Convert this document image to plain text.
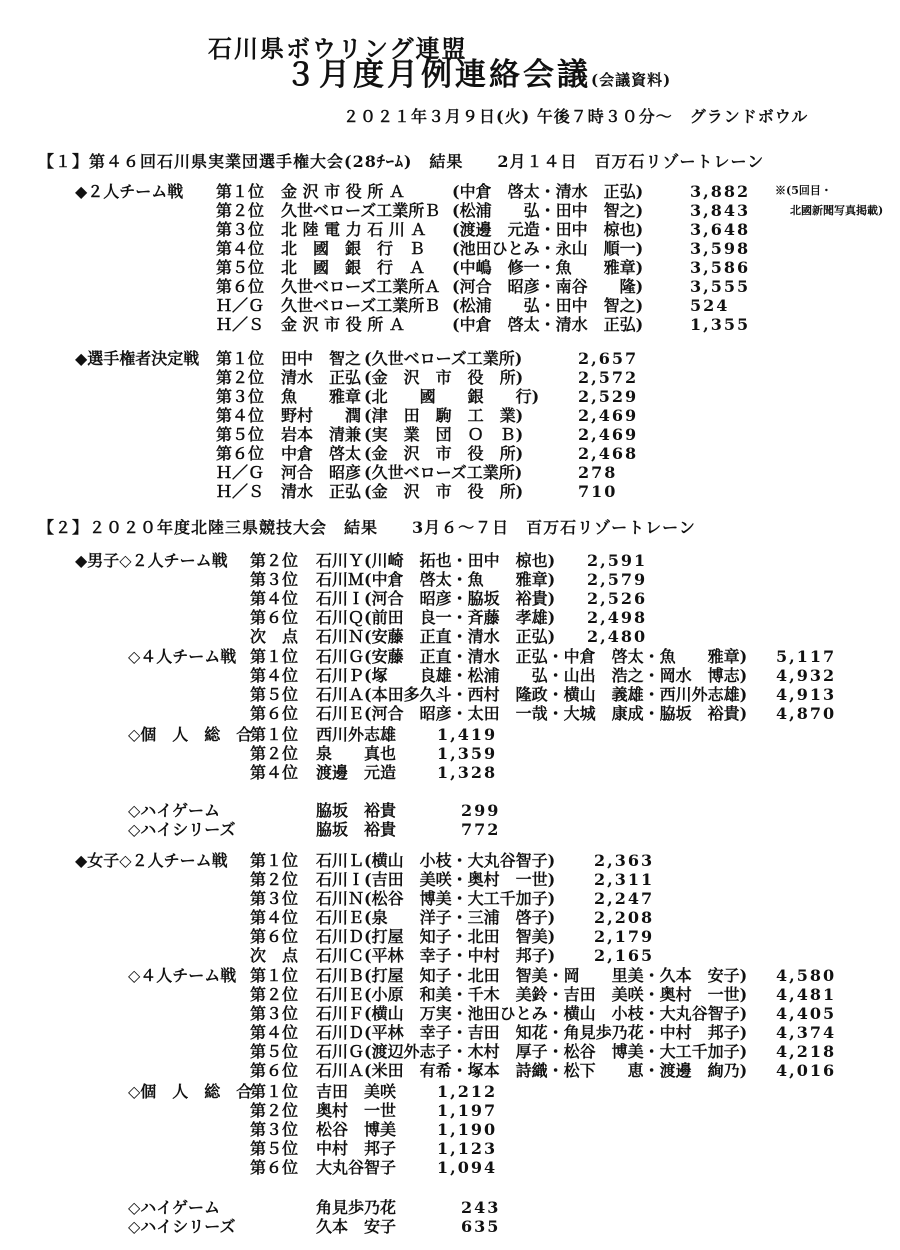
石川県ボウリング連盟
３月度月例連絡会議(会議資料)
２０２１年３月９日(火) 午後７時３０分〜　グランドボウル
【１】第４６回石川県実業団選手権大会(28ﾁｰﾑ)　結果　　2月１４日　百万石リゾートレーン
◆２人チーム戦	※(5回目・
北國新聞写真掲載)
第１位 金 沢 市 役 所 Ａ	(中倉　啓太・清水　正弘)	3,882
第２位 久世ベローズ工業所Ｂ (松浦　　弘・田中　智之)	3,843
第３位 北 陸 電 力 石 川 Ａ (渡邊　元造・田中　椋也)	3,648
第４位 北　國　銀　行　Ｂ (池田ひとみ・永山　順一)	3,598
第５位 北　國　銀　行　Ａ (中嶋　修一・魚　　雅章)	3,586
第６位 久世ベローズ工業所Ａ (河合　昭彦・南谷　　隆)	3,555
Ｈ／Ｇ 久世ベローズ工業所Ｂ (松浦　　弘・田中　智之)	524
Ｈ／Ｓ 金 沢 市 役 所 Ａ	(中倉　啓太・清水　正弘)	1,355
◆選手権者決定戦 第１位 田中　智之 (久世ベローズ工業所)	2,657
第２位 清水　正弘 (金　沢　市　役　所)	2,572
第３位 魚　　雅章 (北　　國　　銀　　行) 2,529
第４位 野村　　潤 (津　田　駒　工　業)	2,469
第５位 岩本　清兼 (実　業　団　Ｏ　Ｂ)	2,469
第６位 中倉　啓太 (金　沢　市　役　所)	2,468
Ｈ／Ｇ 河合　昭彦 (久世ベローズ工業所)	278
Ｈ／Ｓ 清水　正弘 (金　沢　市　役　所)	710
【２】２０２０年度北陸三県競技大会　結果　　3月６〜７日　百万石リゾートレーン
◆男子◇２人チーム戦 第２位 石川Ｙ(川崎　拓也・田中　椋也) 2,591
第３位 石川Ｍ(中倉　啓太・魚　　雅章) 2,579
第４位 石川Ｉ(河合　昭彦・脇坂　裕貴) 2,526
第６位 石川Ｑ(前田　良一・斉藤　孝雄) 2,498
次　点 石川Ｎ(安藤　正直・清水　正弘) 2,480
◇４人チーム戦 第１位 石川Ｇ(安藤　正直・清水　正弘・中倉　啓太・魚　　雅章) 5,117
第４位 石川Ｐ(塚　　良雄・松浦　　弘・山出　浩之・岡水　博志) 4,932
第５位 石川Ａ(本田多久斗・西村　隆政・横山　義雄・西川外志雄) 4,913
第６位 石川Ｅ(河合　昭彦・太田　一哉・大城　康成・脇坂　裕貴) 4,870
◇個　人　総　合
第１位 西川外志雄	1,419
第２位 泉　　真也	1,359
第４位 渡邊　元造	1,328
◇ハイゲーム	脇坂　裕貴	299
◇ハイシリーズ	脇坂　裕貴	772
◆女子◇２人チーム戦 第１位 石川Ｌ(横山　小枝・大丸谷智子) 2,363
第２位 石川Ｉ(吉田　美咲・奥村　一世) 2,311
第３位 石川Ｎ(松谷　博美・大工千加子) 2,247
第４位 石川Ｅ(泉　　洋子・三浦　啓子) 2,208
第６位 石川Ｄ(打屋　知子・北田　智美) 2,179
次　点 石川Ｃ(平林　幸子・中村　邦子) 2,165
◇４人チーム戦 第１位 石川Ｂ(打屋　知子・北田　智美・岡　　里美・久本　安子) 4,580
第２位 石川Ｅ(小原　和美・千木　美鈴・吉田　美咲・奥村　一世) 4,481
第３位 石川Ｆ(横山　万実・池田ひとみ・横山　小枝・大丸谷智子) 4,405
第４位 石川Ｄ(平林　幸子・吉田　知花・角見歩乃花・中村　邦子) 4,374
第５位 石川Ｇ(渡辺外志子・木村　厚子・松谷　博美・大工千加子) 4,218
第６位 石川Ａ(米田　有希・塚本　詩織・松下　　恵・渡邊　絢乃) 4,016
◇個　人　総　合
第１位 吉田　美咲	1,212
第２位 奥村　一世	1,197
第３位 松谷　博美	1,190
第５位 中村　邦子	1,123
第６位 大丸谷智子	1,094
◇ハイゲーム	角見歩乃花	243
◇ハイシリーズ	久本　安子	635
